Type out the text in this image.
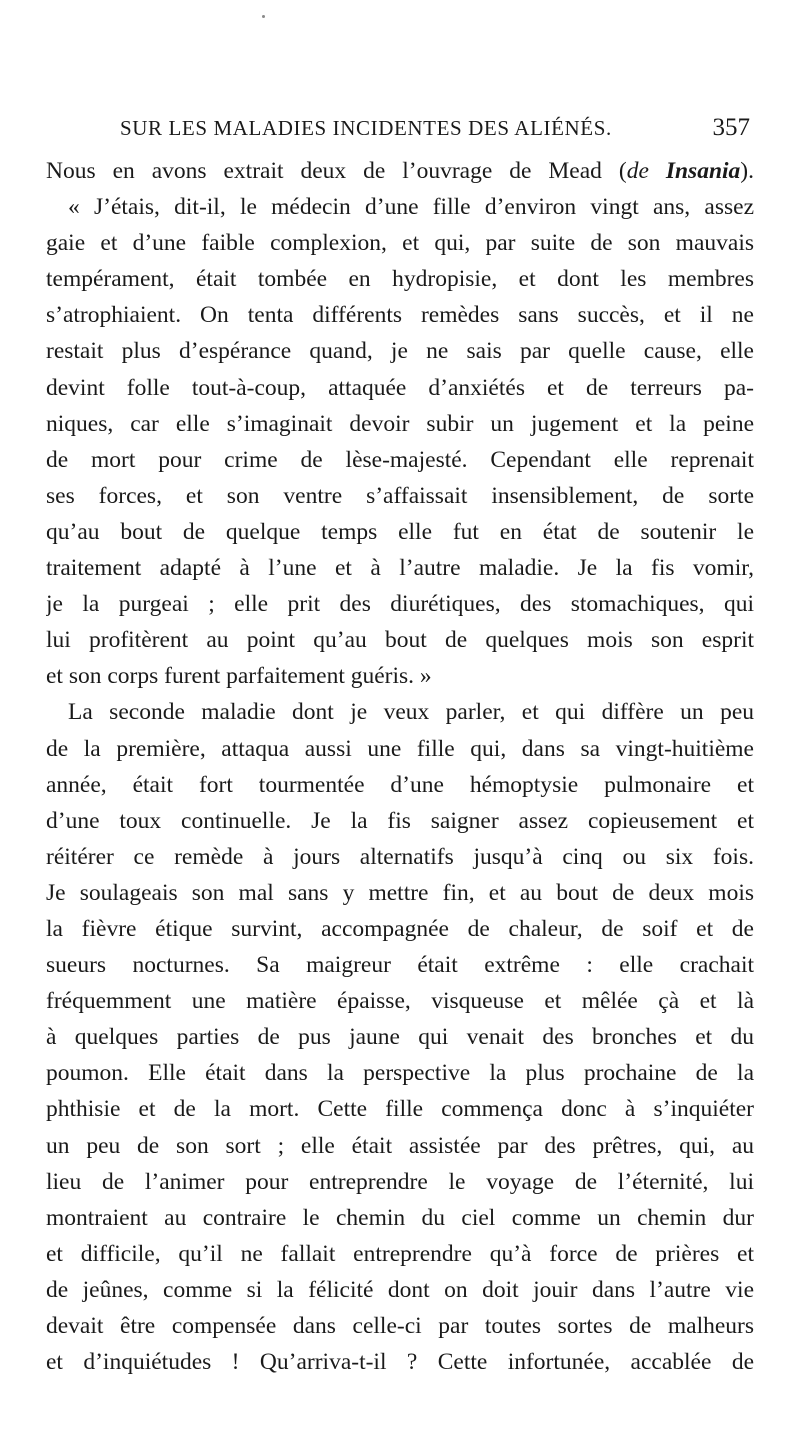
SUR LES MALADIES INCIDENTES DES ALIÉNÉS.	357
Nous en avons extrait deux de l’ouvrage de Mead (de Insania).
« J’étais, dit-il, le médecin d’une fille d’environ vingt ans, assez
gaie et d’une faible complexion, et qui, par suite de son mauvais
tempérament, était tombée en hydropisie, et dont les membres
s’atrophiaient. On tenta différents remèdes sans succès, et il ne
restait plus d’espérance quand, je ne sais par quelle cause, elle
devint folle tout-à-coup, attaquée d’anxiétés et de terreurs pa-
niques, car elle s’imaginait devoir subir un jugement et la peine
de mort pour crime de lèse-majesté. Cependant elle reprenait
ses forces, et son ventre s’affaissait insensiblement, de sorte
qu’au bout de quelque temps elle fut en état de soutenir le
traitement adapté à l’une et à l’autre maladie. Je la fis vomir,
je la purgeai ; elle prit des diurétiques, des stomachiques, qui
lui profitèrent au point qu’au bout de quelques mois son esprit
et son corps furent parfaitement guéris. »
La seconde maladie dont je veux parler, et qui diffère un peu
de la première, attaqua aussi une fille qui, dans sa vingt-huitième
année, était fort tourmentée d’une hémoptysie pulmonaire et
d’une toux continuelle. Je la fis saigner assez copieusement et
réitérer ce remède à jours alternatifs jusqu’à cinq ou six fois.
Je soulageais son mal sans y mettre fin, et au bout de deux mois
la fièvre étique survint, accompagnée de chaleur, de soif et de
sueurs nocturnes. Sa maigreur était extrême : elle crachait
fréquemment une matière épaisse, visqueuse et mêlée çà et là
à quelques parties de pus jaune qui venait des bronches et du
poumon. Elle était dans la perspective la plus prochaine de la
phthisie et de la mort. Cette fille commença donc à s’inquiéter
un peu de son sort ; elle était assistée par des prêtres, qui, au
lieu de l’animer pour entreprendre le voyage de l’éternité, lui
montraient au contraire le chemin du ciel comme un chemin dur
et difficile, qu’il ne fallait entreprendre qu’à force de prières et
de jeûnes, comme si la félicité dont on doit jouir dans l’autre vie
devait être compensée dans celle-ci par toutes sortes de malheurs
et d’inquiétudes ! Qu’arriva-t-il ? Cette infortunée, accablée de
